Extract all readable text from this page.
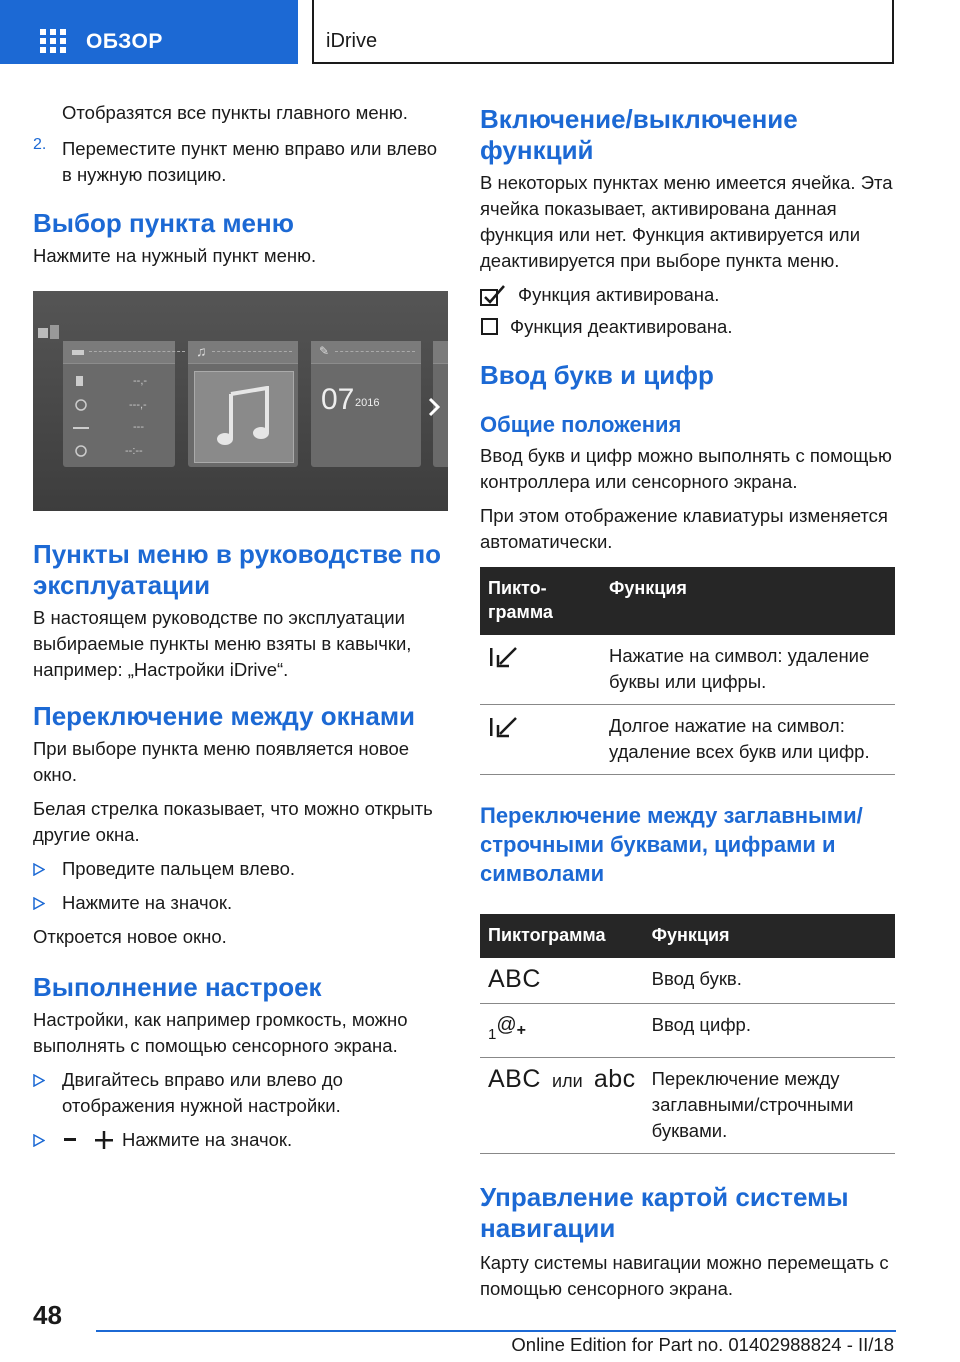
ОБЗОР	iDrive

Отобразятся все пункты главного меню.

2. Переместите пункт меню вправо или влево в нужную позицию.

Выбор пункта меню

Нажмите на нужный пункт меню.

--,-
---,-
---
--:--
♫	✎
07 2016
Пункты меню в руководстве по эксплуатации

В настоящем руководстве по эксплуатации выбираемые пункты меню взяты в кавычки, например: „Настройки iDrive“.

Переключение между окнами

При выборе пункта меню появляется новое окно.

Белая стрелка показывает, что можно открыть другие окна.

Проведите пальцем влево.

Нажмите на значок.

Откроется новое окно.

Выполнение настроек

Настройки, как например громкость, можно выполнять с помощью сенсорного экрана.

Двигайтесь вправо или влево до отображения нужной настройки.

Нажмите на значок.

Включение/выключение функций

В некоторых пунктах меню имеется ячейка. Эта ячейка показывает, активирована данная функция или нет. Функция активируется или деактивируется при выборе пункта меню.

Функция активирована.

Функция деактивирована.

Ввод букв и цифр
Общие положения

Ввод букв и цифр можно выполнять с помощью контроллера или сенсорного экрана.

При этом отображение клавиатуры изменяется автоматически.

Пикто-грамма	Функция
	Нажатие на символ: удаление буквы или цифры.
	Долгое нажатие на символ: удаление всех букв или цифр.
Переключение между заглавными/строчными буквами, цифрами и символами
Пиктограмма	Функция
ABC	Ввод букв.
$_1$@+	Ввод цифр.
ABC или abc	Переключение между заглавными/строчными буквами.
Управление картой системы навигации

Карту системы навигации можно перемещать с помощью сенсорного экрана.

48
Online Edition for Part no. 01402988824 - II/18
